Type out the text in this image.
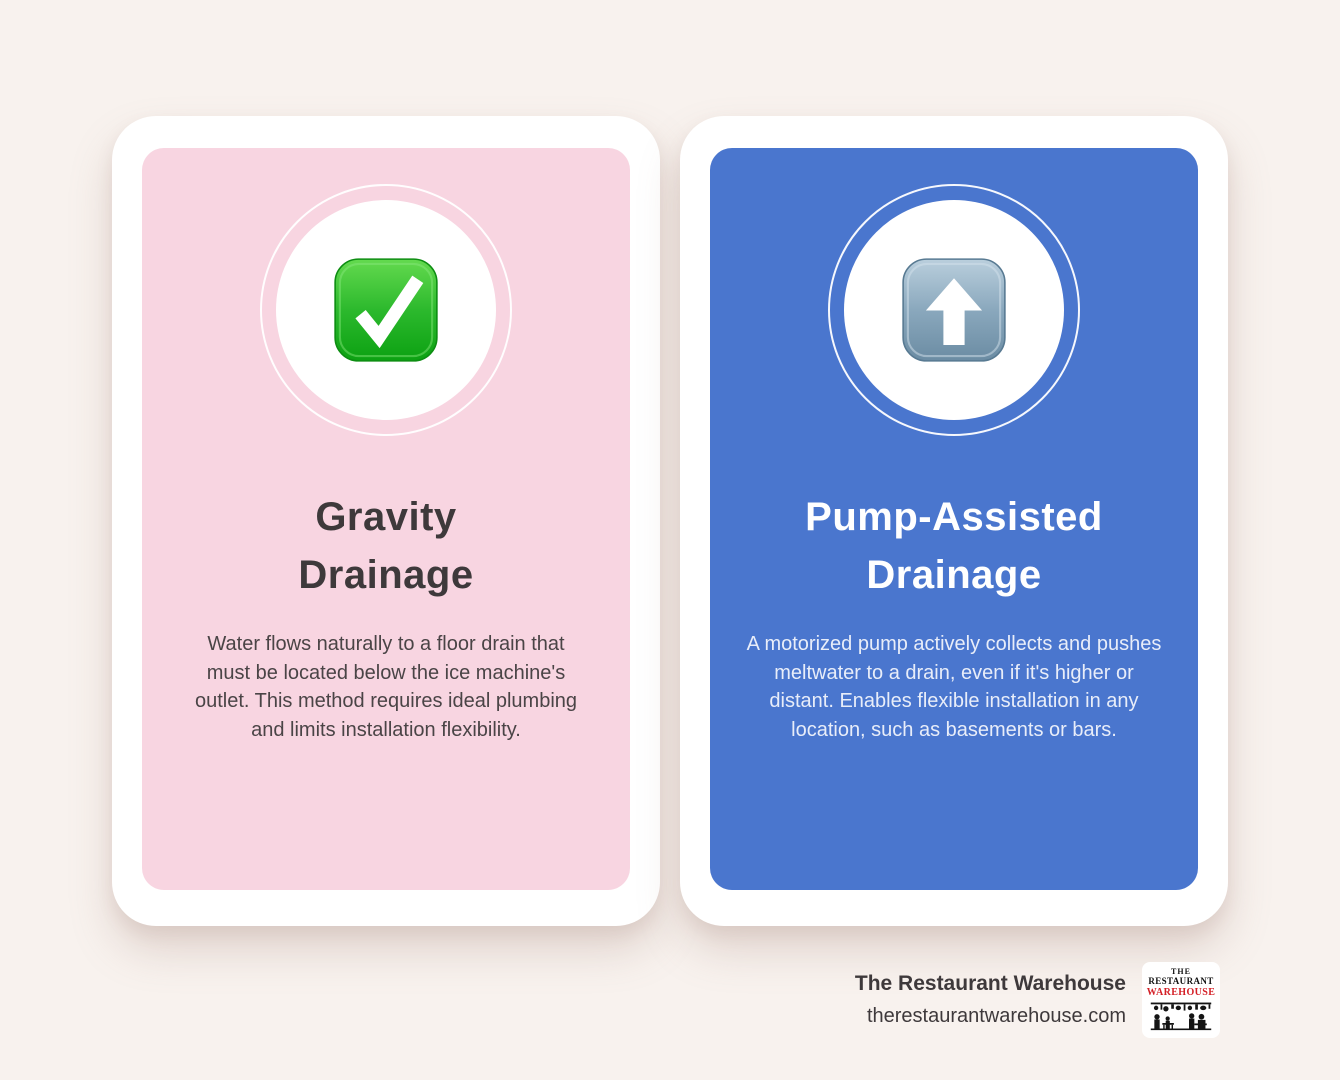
Gravity
Drainage

Water flows naturally to a floor drain that
must be located below the ice machine's
outlet. This method requires ideal plumbing
and limits installation flexibility.

Pump-Assisted
Drainage

A motorized pump actively collects and pushes
meltwater to a drain, even if it's higher or
distant. Enables flexible installation in any
location, such as basements or bars.

The Restaurant Warehouse
therestaurantwarehouse.com
THE
RESTAURANT
WAREHOUSE
